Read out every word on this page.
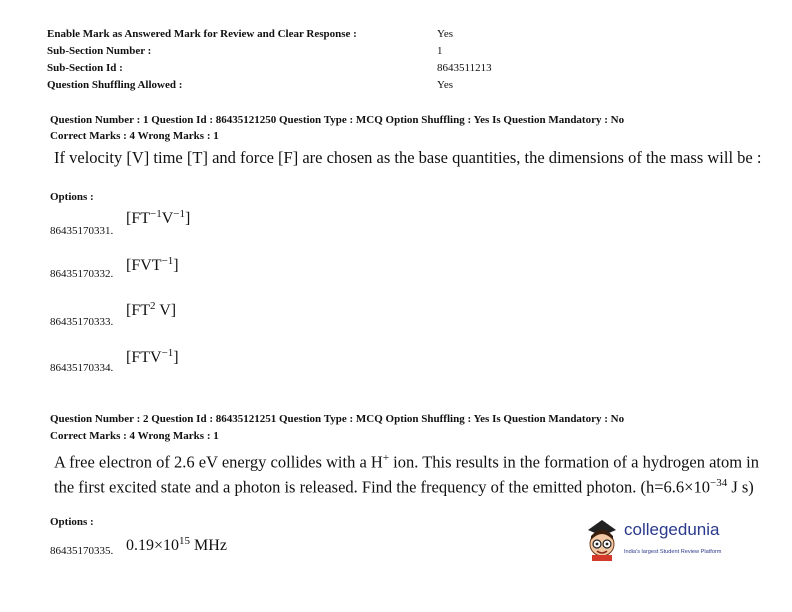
Enable Mark as Answered Mark for Review and Clear Response :	Yes
Sub-Section Number :	1
Sub-Section Id :	8643511213
Question Shuffling Allowed :	Yes
Question Number : 1 Question Id : 86435121250 Question Type : MCQ Option Shuffling : Yes Is Question Mandatory : No
Correct Marks : 4 Wrong Marks : 1
If velocity [V] time [T] and force [F] are chosen as the base quantities, the dimensions of the mass will be :
Options :
86435170331.
$[FT^{-1}V^{-1}]$
86435170332. $[FVT^{-1}]$
86435170333.
[$FT^2$ V]
86435170334.
$[FTV^{-1}]$
Question Number : 2 Question Id : 86435121251 Question Type : MCQ Option Shuffling : Yes Is Question Mandatory : No
Correct Marks : 4 Wrong Marks : 1
A free electron of 2.6 eV energy collides with a H+ ion. This results in the formation of a hydrogen atom in the first excited state and a photon is released. Find the frequency of the emitted photon. ($h=6.6\times 10^{-34}$ J s)
Options :
86435170335. $0.19\times 10^{15}$ MHz
collegedunia
India's largest Student Review Platform
